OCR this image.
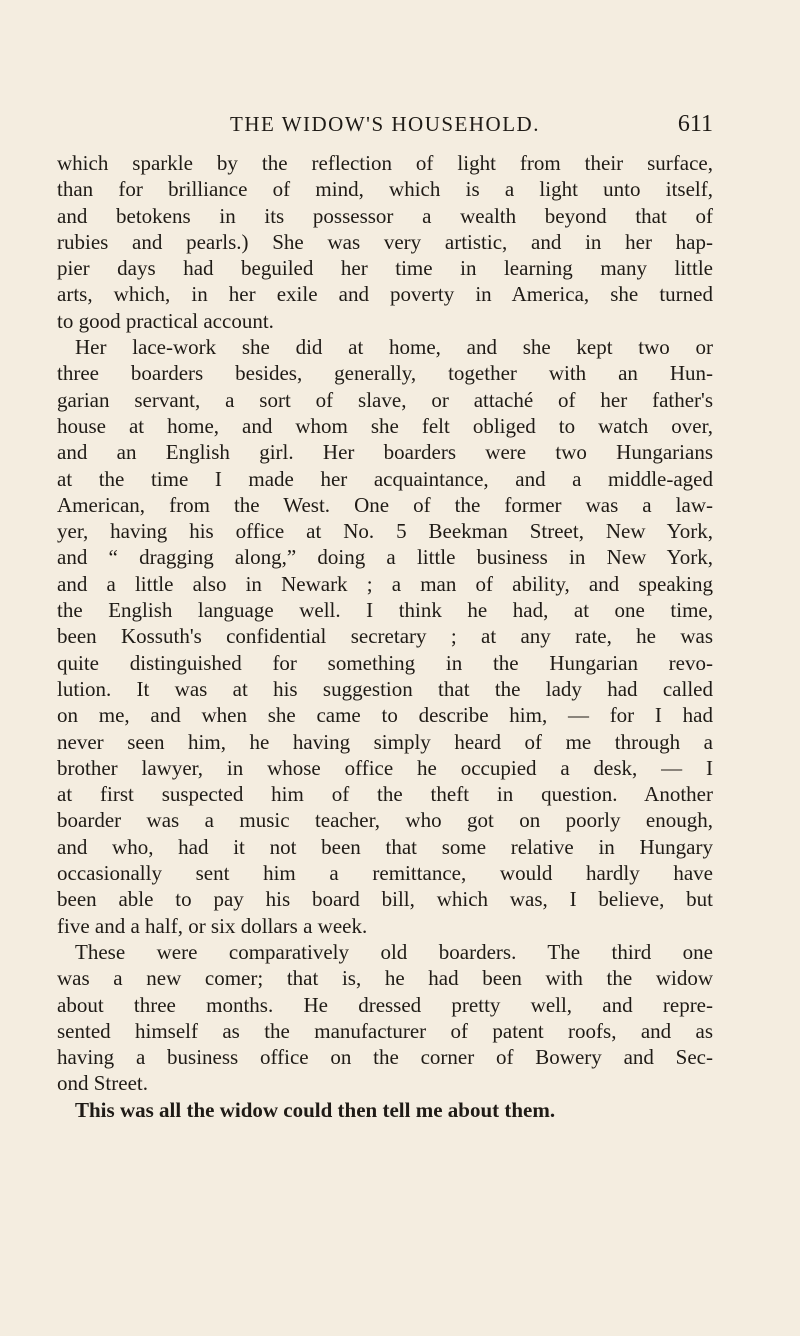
THE WIDOW'S HOUSEHOLD.	611
which sparkle by the reflection of light from their surface,
than for brilliance of mind, which is a light unto itself,
and betokens in its possessor a wealth beyond that of
rubies and pearls.) She was very artistic, and in her hap-
pier days had beguiled her time in learning many little
arts, which, in her exile and poverty in America, she turned
to good practical account.
Her lace-work she did at home, and she kept two or
three boarders besides, generally, together with an Hun-
garian servant, a sort of slave, or attaché of her father's
house at home, and whom she felt obliged to watch over,
and an English girl. Her boarders were two Hungarians
at the time I made her acquaintance, and a middle-aged
American, from the West. One of the former was a law-
yer, having his office at No. 5 Beekman Street, New York,
and “ dragging along,” doing a little business in New York,
and a little also in Newark ; a man of ability, and speaking
the English language well. I think he had, at one time,
been Kossuth's confidential secretary ; at any rate, he was
quite distinguished for something in the Hungarian revo-
lution. It was at his suggestion that the lady had called
on me, and when she came to describe him, — for I had
never seen him, he having simply heard of me through a
brother lawyer, in whose office he occupied a desk, — I
at first suspected him of the theft in question. Another
boarder was a music teacher, who got on poorly enough,
and who, had it not been that some relative in Hungary
occasionally sent him a remittance, would hardly have
been able to pay his board bill, which was, I believe, but
five and a half, or six dollars a week.
These were comparatively old boarders. The third one
was a new comer; that is, he had been with the widow
about three months. He dressed pretty well, and repre-
sented himself as the manufacturer of patent roofs, and as
having a business office on the corner of Bowery and Sec-
ond Street.
This was all the widow could then tell me about them.
